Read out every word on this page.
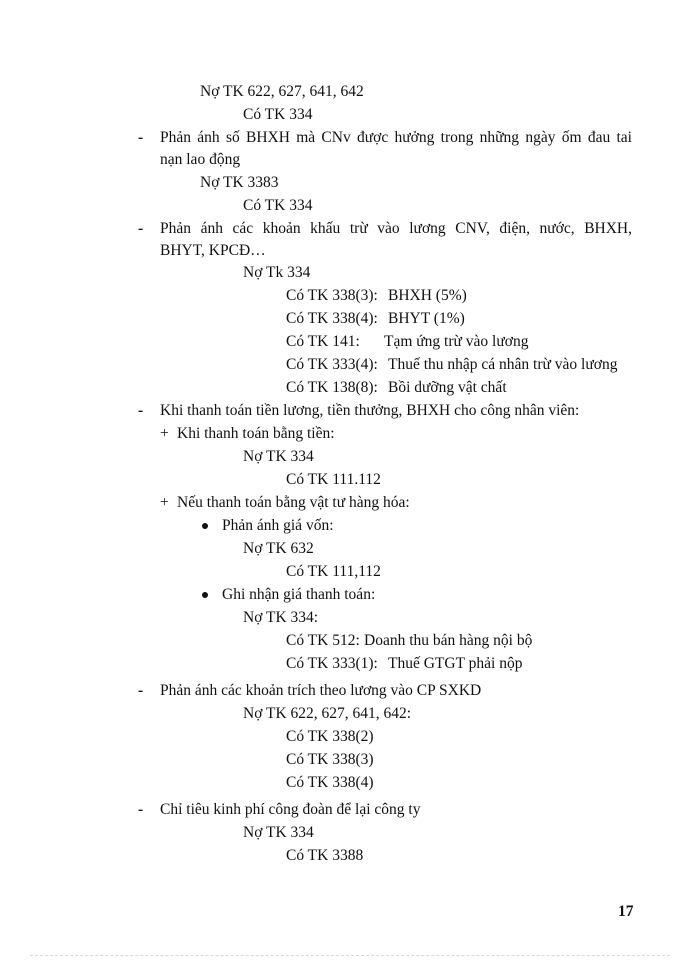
Nợ TK 622, 627, 641, 642
Có TK 334
- Phản ánh số BHXH mà CNv được hưởng trong những ngày ốm đau tai
nạn lao động
Nợ TK 3383
Có TK 334
- Phản ánh các khoản khấu trừ vào lương CNV, điện, nước, BHXH,
BHYT, KPCĐ…
Nợ Tk 334
Có TK 338(3): BHXH (5%)
Có TK 338(4): BHYT (1%)
Có TK 141: Tạm ứng trừ vào lương
Có TK 333(4): Thuế thu nhập cá nhân trừ vào lương
Có TK 138(8): Bồi dưỡng vật chất
- Khi thanh toán tiền lương, tiền thưởng, BHXH cho công nhân viên:
+ Khi thanh toán bằng tiền:
Nợ TK 334
Có TK 111.112
+ Nếu thanh toán bằng vật tư hàng hóa:
Phản ánh giá vốn:
Nợ TK 632
Có TK 111,112
Ghi nhận giá thanh toán:
Nợ TK 334:
Có TK 512: Doanh thu bán hàng nội bộ
Có TK 333(1): Thuế GTGT phải nộp
- Phản ánh các khoản trích theo lương vào CP SXKD
Nợ TK 622, 627, 641, 642:
Có TK 338(2)
Có TK 338(3)
Có TK 338(4)
- Chỉ tiêu kinh phí công đoàn để lại công ty
Nợ TK 334
Có TK 3388
17
